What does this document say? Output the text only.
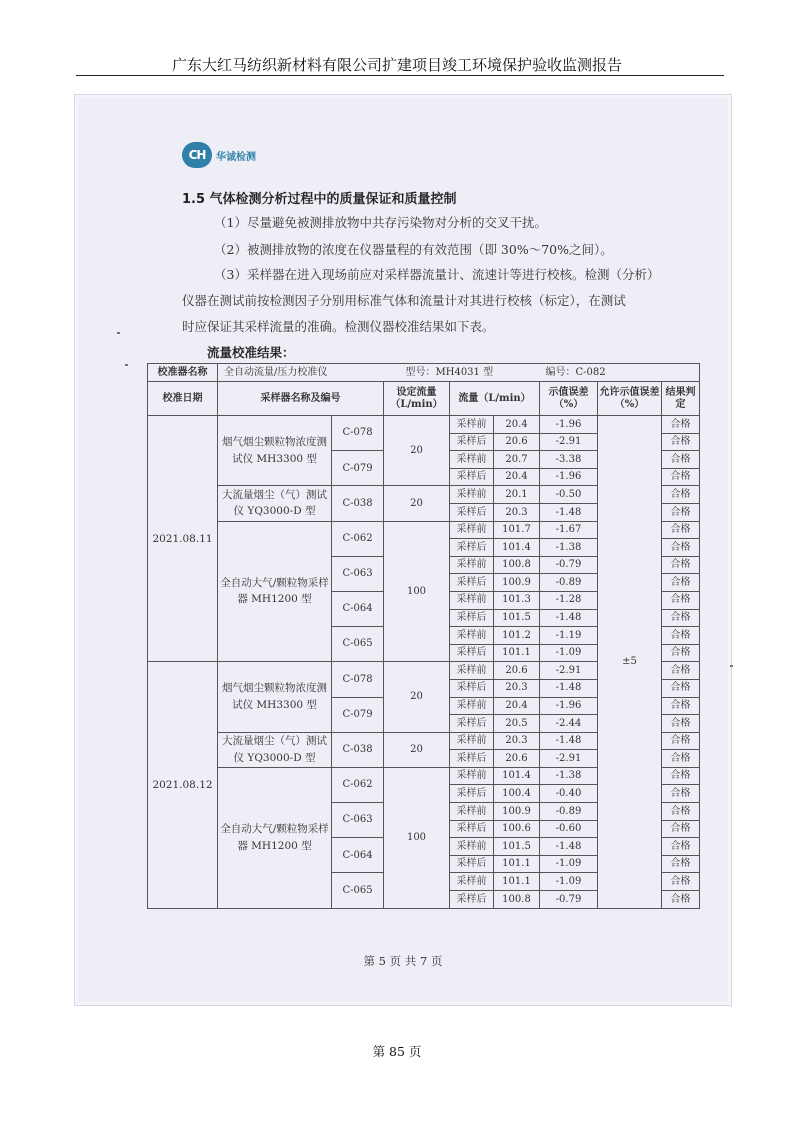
广东大红马纺织新材料有限公司扩建项目竣工环境保护验收监测报告
CH	华诚检测
1.5 气体检测分析过程中的质量保证和质量控制
（1）尽量避免被测排放物中共存污染物对分析的交叉干扰。
（2）被测排放物的浓度在仪器量程的有效范围（即 30%～70%之间）。
（3）采样器在进入现场前应对采样器流量计、流速计等进行校核。检测（分析）
仪器在测试前按检测因子分别用标准气体和流量计对其进行校核（标定），在测试
时应保证其采样流量的准确。检测仪器校准结果如下表。
流量校准结果：
校准器名称	全自动流量/压力校准仪		型号：MH4031 型			编号：C-082		
校准日期	采样器名称及编号		设定流量（L/min）	流量（L/min）		示值误差（%）	允许示值误差（%）	结果判定
2021.08.11	烟气烟尘颗粒物浓度测试仪 MH3300 型	C-078	20	采样前	20.4	-1.96	±5	合格
				采样后	20.6	-2.91		合格
		C-079		采样前	20.7	-3.38		合格
				采样后	20.4	-1.96		合格
	大流量烟尘（气）测试仪 YQ3000-D 型	C-038	20	采样前	20.1	-0.50		合格
				采样后	20.3	-1.48		合格
	全自动大气/颗粒物采样器 MH1200 型	C-062	100	采样前	101.7	-1.67		合格
				采样后	101.4	-1.38		合格
		C-063		采样前	100.8	-0.79		合格
				采样后	100.9	-0.89		合格
		C-064		采样前	101.3	-1.28		合格
				采样后	101.5	-1.48		合格
		C-065		采样前	101.2	-1.19		合格
				采样后	101.1	-1.09		合格
2021.08.12	烟气烟尘颗粒物浓度测试仪 MH3300 型	C-078	20	采样前	20.6	-2.91		合格
				采样后	20.3	-1.48		合格
		C-079		采样前	20.4	-1.96		合格
				采样后	20.5	-2.44		合格
	大流量烟尘（气）测试仪 YQ3000-D 型	C-038	20	采样前	20.3	-1.48		合格
				采样后	20.6	-2.91		合格
	全自动大气/颗粒物采样器 MH1200 型	C-062	100	采样前	101.4	-1.38		合格
				采样后	100.4	-0.40		合格
		C-063		采样前	100.9	-0.89		合格
				采样后	100.6	-0.60		合格
		C-064		采样前	101.5	-1.48		合格
				采样后	101.1	-1.09		合格
		C-065		采样前	101.1	-1.09		合格
				采样后	100.8	-0.79		合格
第 5 页 共 7 页
第 85 页
